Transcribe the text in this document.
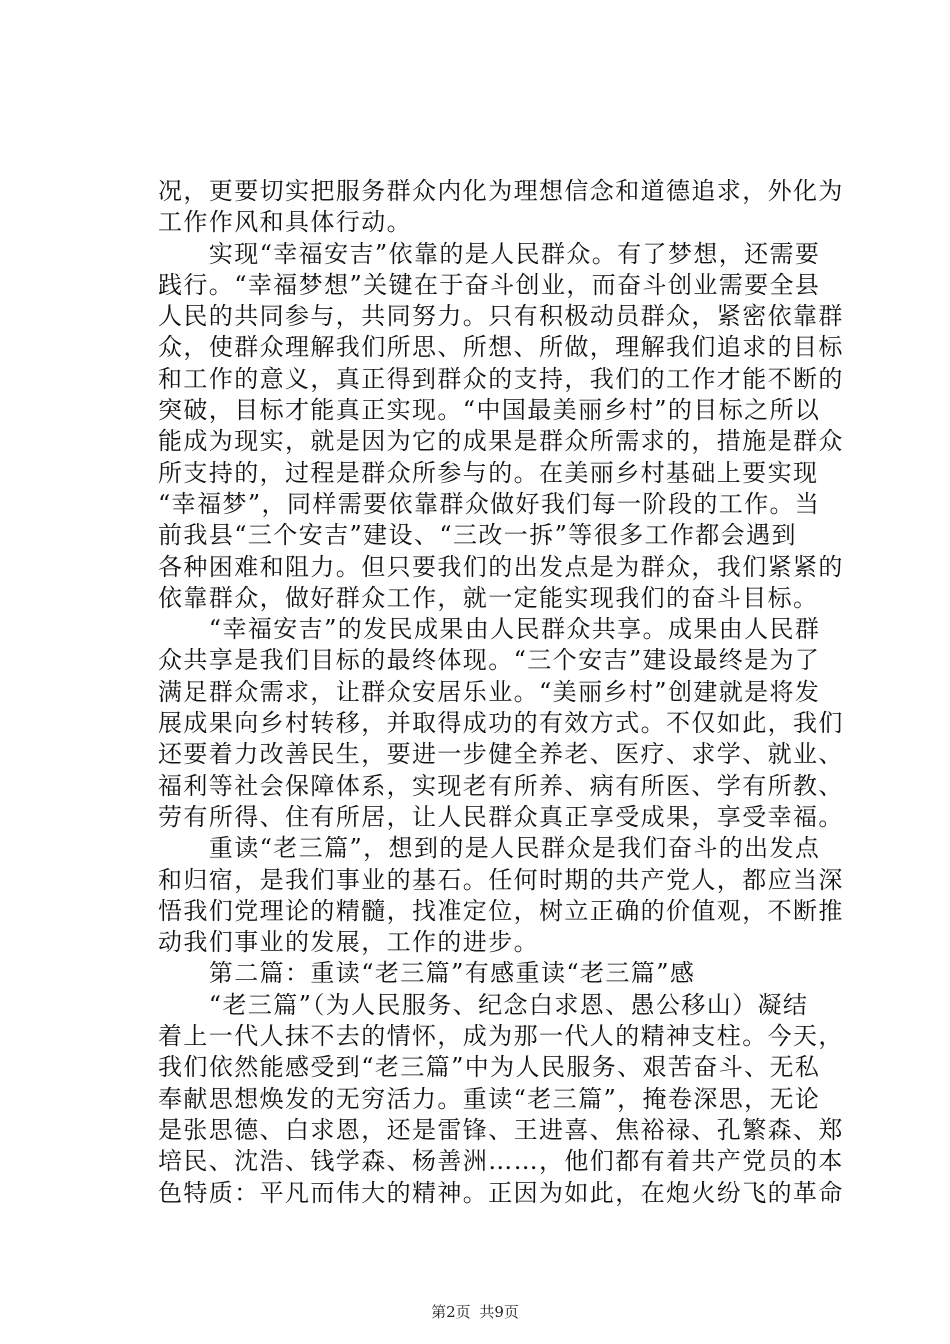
况，更要切实把服务群众内化为理想信念和道德追求，外化为
工作作风和具体行动。
　　实现“幸福安吉”依靠的是人民群众。有了梦想，还需要
践行。“幸福梦想”关键在于奋斗创业，而奋斗创业需要全县
人民的共同参与，共同努力。只有积极动员群众，紧密依靠群
众，使群众理解我们所思、所想、所做，理解我们追求的目标
和工作的意义，真正得到群众的支持，我们的工作才能不断的
突破，目标才能真正实现。“中国最美丽乡村”的目标之所以
能成为现实，就是因为它的成果是群众所需求的，措施是群众
所支持的，过程是群众所参与的。在美丽乡村基础上要实现
“幸福梦”，同样需要依靠群众做好我们每一阶段的工作。当
前我县“三个安吉”建设、“三改一拆”等很多工作都会遇到
各种困难和阻力。但只要我们的出发点是为群众，我们紧紧的
依靠群众，做好群众工作，就一定能实现我们的奋斗目标。
　　“幸福安吉”的发民成果由人民群众共享。成果由人民群
众共享是我们目标的最终体现。“三个安吉”建设最终是为了
满足群众需求，让群众安居乐业。“美丽乡村”创建就是将发
展成果向乡村转移，并取得成功的有效方式。不仅如此，我们
还要着力改善民生，要进一步健全养老、医疗、求学、就业、
福利等社会保障体系，实现老有所养、病有所医、学有所教、
劳有所得、住有所居，让人民群众真正享受成果，享受幸福。
　　重读“老三篇”，想到的是人民群众是我们奋斗的出发点
和归宿，是我们事业的基石。任何时期的共产党人，都应当深
悟我们党理论的精髓，找准定位，树立正确的价值观，不断推
动我们事业的发展，工作的进步。
　　第二篇：重读“老三篇”有感重读“老三篇”感
　　“老三篇”（为人民服务、纪念白求恩、愚公移山）凝结
着上一代人抹不去的情怀，成为那一代人的精神支柱。今天，
我们依然能感受到“老三篇”中为人民服务、艰苦奋斗、无私
奉献思想焕发的无穷活力。重读“老三篇”，掩卷深思，无论
是张思德、白求恩，还是雷锋、王进喜、焦裕禄、孔繁森、郑
培民、沈浩、钱学森、杨善洲……，他们都有着共产党员的本
色特质：平凡而伟大的精神。正因为如此，在炮火纷飞的革命
第2页 共9页
